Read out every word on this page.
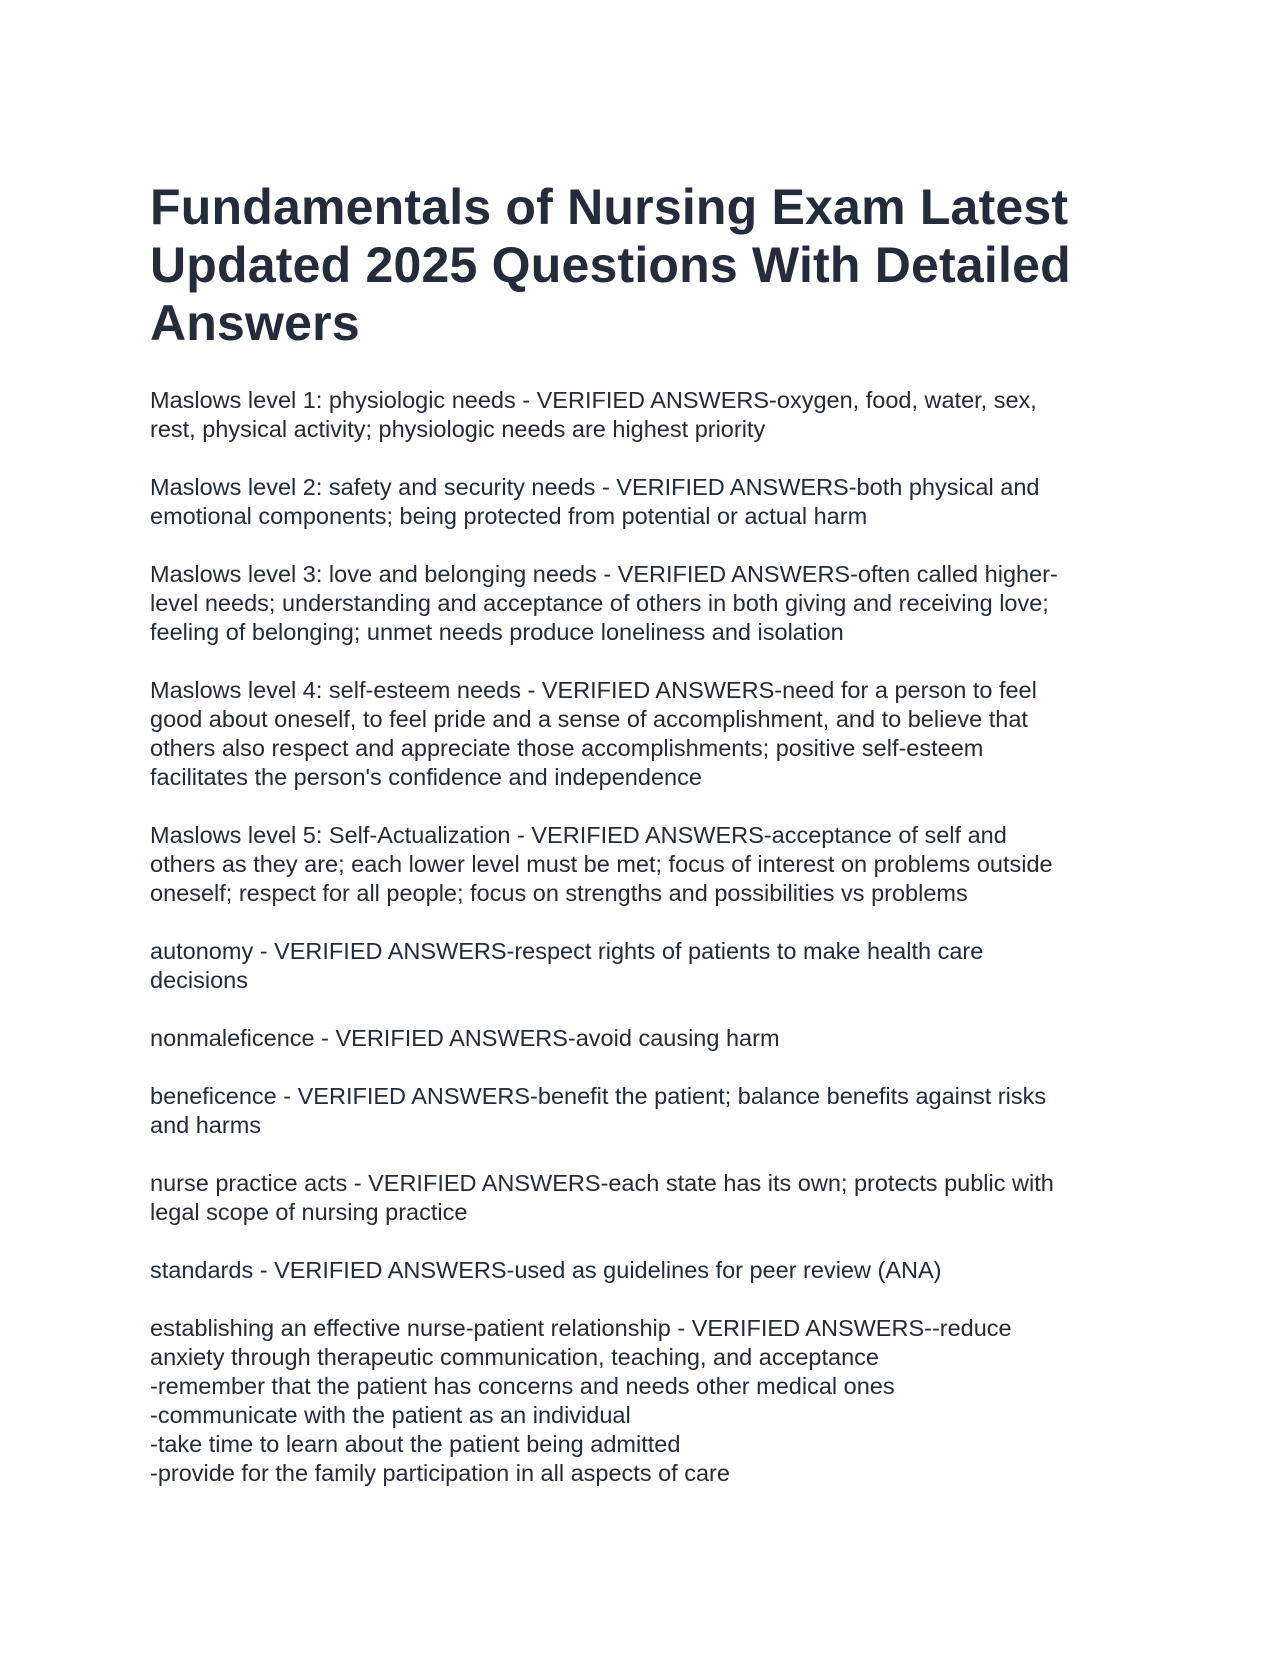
Fundamentals of Nursing Exam Latest
Updated 2025 Questions With Detailed
Answers

Maslows level 1: physiologic needs - VERIFIED ANSWERS-oxygen, food, water, sex,
rest, physical activity; physiologic needs are highest priority

Maslows level 2: safety and security needs - VERIFIED ANSWERS-both physical and
emotional components; being protected from potential or actual harm

Maslows level 3: love and belonging needs - VERIFIED ANSWERS-often called higher-
level needs; understanding and acceptance of others in both giving and receiving love;
feeling of belonging; unmet needs produce loneliness and isolation

Maslows level 4: self-esteem needs - VERIFIED ANSWERS-need for a person to feel
good about oneself, to feel pride and a sense of accomplishment, and to believe that
others also respect and appreciate those accomplishments; positive self-esteem
facilitates the person's confidence and independence

Maslows level 5: Self-Actualization - VERIFIED ANSWERS-acceptance of self and
others as they are; each lower level must be met; focus of interest on problems outside
oneself; respect for all people; focus on strengths and possibilities vs problems

autonomy - VERIFIED ANSWERS-respect rights of patients to make health care
decisions

nonmaleficence - VERIFIED ANSWERS-avoid causing harm

beneficence - VERIFIED ANSWERS-benefit the patient; balance benefits against risks
and harms

nurse practice acts - VERIFIED ANSWERS-each state has its own; protects public with
legal scope of nursing practice

standards - VERIFIED ANSWERS-used as guidelines for peer review (ANA)

establishing an effective nurse-patient relationship - VERIFIED ANSWERS--reduce
anxiety through therapeutic communication, teaching, and acceptance
-remember that the patient has concerns and needs other medical ones
-communicate with the patient as an individual
-take time to learn about the patient being admitted
-provide for the family participation in all aspects of care
